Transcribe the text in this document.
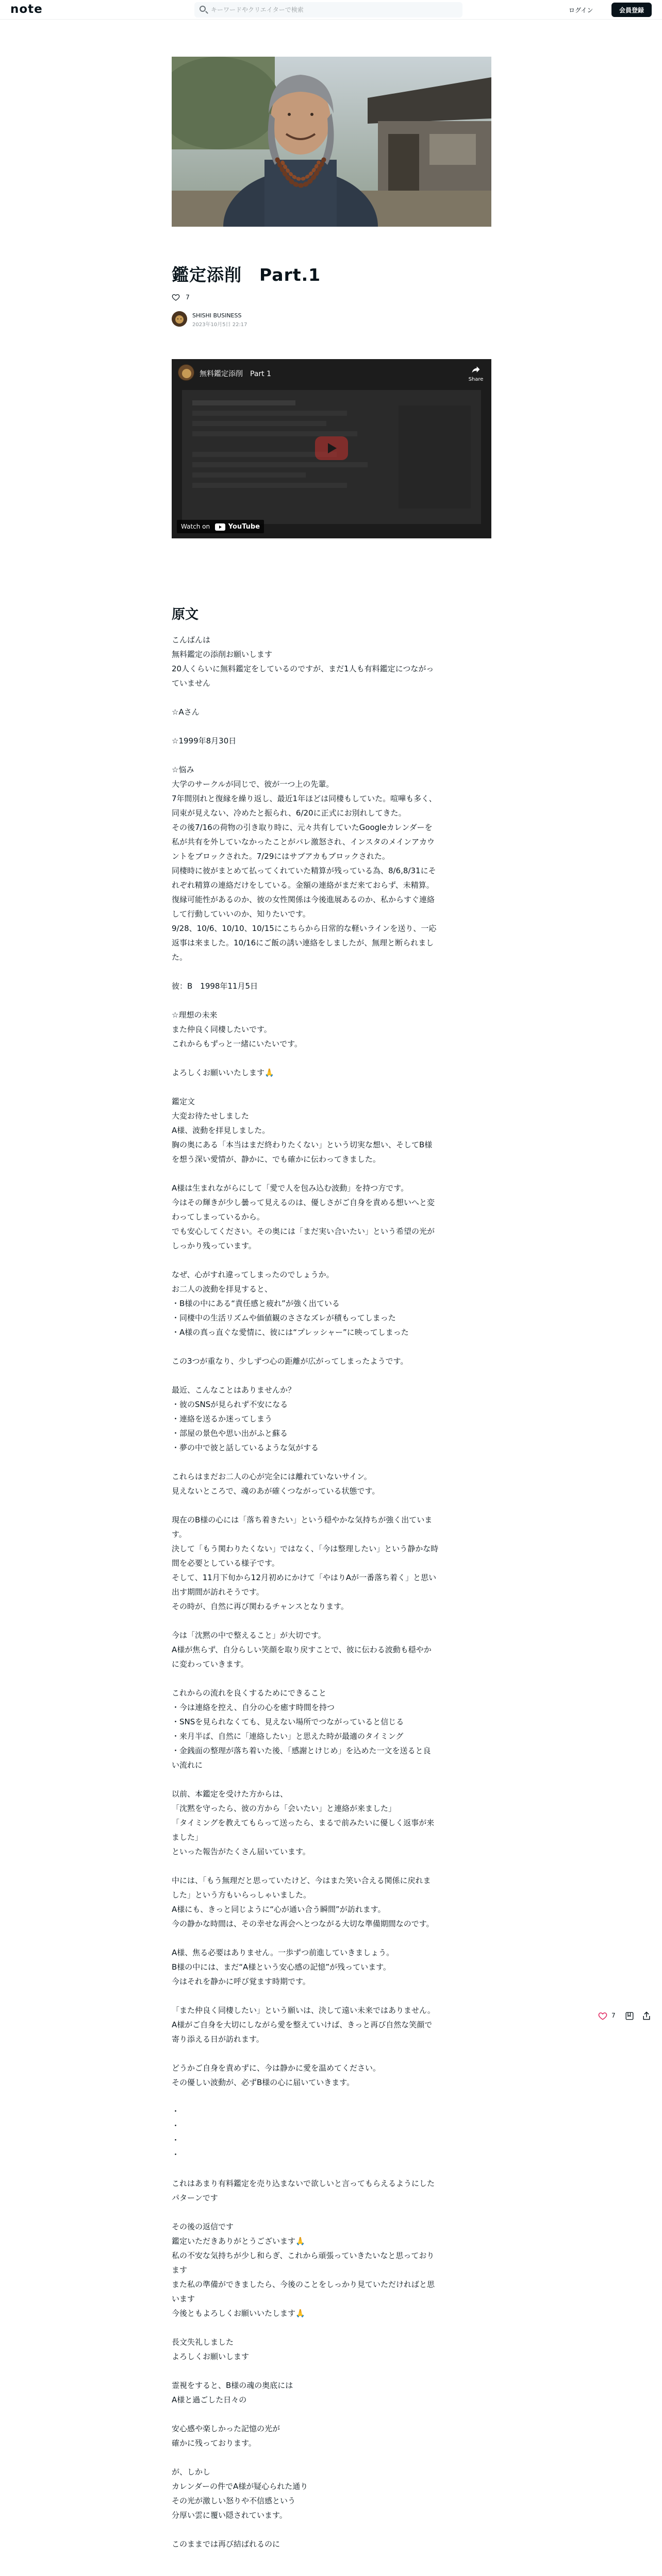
note
キーワードやクリエイターで検索	ログイン	会員登録
鑑定添削　Part.1
7
SHISHI BUSINESS
2023年10月5日 22:17
無料鑑定添削　Part 1
Share
Watch on	YouTube
原文

こんばんは

無料鑑定の添削お願いします

20人くらいに無料鑑定をしているのですが、まだ1人も有料鑑定につながっ

ていません

☆Aさん

☆1999年8月30日

☆悩み

大学のサークルが同じで、彼が一つ上の先輩。

7年間別れと復縁を繰り返し、最近1年ほどは同棲もしていた。喧嘩も多く、

同束が見えない、冷めたと振られ、6/20に正式にお別れしてきた。

その後7/16の荷物の引き取り時に、元々共有していたGoogleカレンダーを

私が共有を外していなかったことがバレ激怒され、インスタのメインアカウ

ントをブロックされた。7/29にはサブアカもブロックされた。

同棲時に彼がまとめて払ってくれていた精算が残っている為、8/6,8/31にそ

れぞれ精算の連絡だけをしている。金額の連絡がまだ来ておらず、未精算。

復縁可能性があるのか、彼の女性関係は今後進展あるのか、私からすぐ連絡

して行動していいのか、知りたいです。

9/28、10/6、10/10、10/15にこちらから日常的な軽いラインを送り、一応

返事は来ました。10/16にご飯の誘い連絡をしましたが、無理と断られまし

た。

彼：B　1998年11月5日

☆理想の未来

また仲良く同棲したいです。

これからもずっと一緒にいたいです。

よろしくお願いいたします🙏

鑑定文

大変お待たせしました

A様、波動を拝見しました。

胸の奥にある「本当はまだ終わりたくない」という切実な想い、そしてB様

を想う深い愛情が、静かに、でも確かに伝わってきました。

A様は生まれながらにして「愛で人を包み込む波動」を持つ方です。

今はその輝きが少し曇って見えるのは、優しさがご自身を責める想いへと変

わってしまっているから。

でも安心してください。その奥には「まだ実い合いたい」という希望の光が

しっかり残っています。

なぜ、心がすれ違ってしまったのでしょうか。

お二人の波動を拝見すると、

・B様の中にある“責任感と疲れ”が強く出ている

・同棲中の生活リズムや価値観のささなズレが積もってしまった

・A様の真っ直ぐな愛情に、彼には“プレッシャー”に映ってしまった

この3つが重なり、少しずつ心の距離が広がってしまったようです。

最近、こんなことはありませんか？

・彼のSNSが見られず不安になる

・連絡を送るか迷ってしまう

・部屋の景色や思い出がふと蘇る

・夢の中で彼と話しているような気がする

これらはまだお二人の心が完全には離れていないサイン。

見えないところで、魂のあが確くつながっている状態です。

現在のB様の心には「落ち着きたい」という穏やかな気持ちが強く出ていま

す。

決して「もう関わりたくない」ではなく、「今は整理したい」という静かな時

間を必要としている様子です。

そして、11月下旬から12月初めにかけて「やはりAが一番落ち着く」と思い

出す期間が訪れそうです。

その時が、自然に再び関わるチャンスとなります。

今は「沈黙の中で整えること」が大切です。

A様が焦らず、自分らしい笑顔を取り戻すことで、彼に伝わる波動も穏やか

に変わっていきます。

これからの流れを良くするためにできること

・今は連絡を控え、自分の心を癒す時間を持つ

・SNSを見られなくても、見えない場所でつながっていると信じる

・来月半ば、自然に「連絡したい」と思えた時が最適のタイミング

・金銭面の整理が落ち着いた後、「感謝とけじめ」を込めた一文を送ると良

い流れに

以前、本鑑定を受けた方からは、

「沈黙を守ったら、彼の方から「会いたい」と連絡が来ました」

「タイミングを教えてもらって送ったら、まるで前みたいに優しく返事が来

ました」

といった報告がたくさん届いています。

中には、「もう無理だと思っていたけど、今はまた笑い合える関係に戻れま

した」という方もいらっしゃいました。

A様にも、きっと同じように“心が通い合う瞬間”が訪れます。

今の静かな時間は、その幸せな再会へとつながる大切な準備期間なのです。

A様、焦る必要はありません。一歩ずつ前進していきましょう。

B様の中には、まだ“A様という安心感の記憶”が残っています。

今はそれを静かに呼び覚ます時期です。

「また仲良く同棲したい」という願いは、決して遠い未来ではありません。

A様がご自身を大切にしながら愛を整えていけば、きっと再び自然な笑顔で

寄り添える日が訪れます。

どうかご自身を責めずに、今は静かに愛を温めてください。

その優しい波動が、必ずB様の心に届いていきます。

・

・

・

・

これはあまり有料鑑定を売り込まないで欲しいと言ってもらえるようにした

パターンです

その後の返信です

鑑定いただきありがとうございます🙏

私の不安な気持ちが少し和らぎ、これから頑張っていきたいなと思っており

ます

また私の準備ができましたら、今後のことをしっかり見ていただければと思

います

今後ともよろしくお願いいたします🙏

長文失礼しました

よろしくお願いします

霊視をすると、B様の魂の奥底には

A様と過ごした日々の

安心感や楽しかった記憶の光が

確かに残っております。

が、しかし

カレンダーの件でA様が疑心られた通り

その光が激しい怒りや不信感という

分厚い雲に覆い隠されています。

このままでは再び結ばれるのに

7
